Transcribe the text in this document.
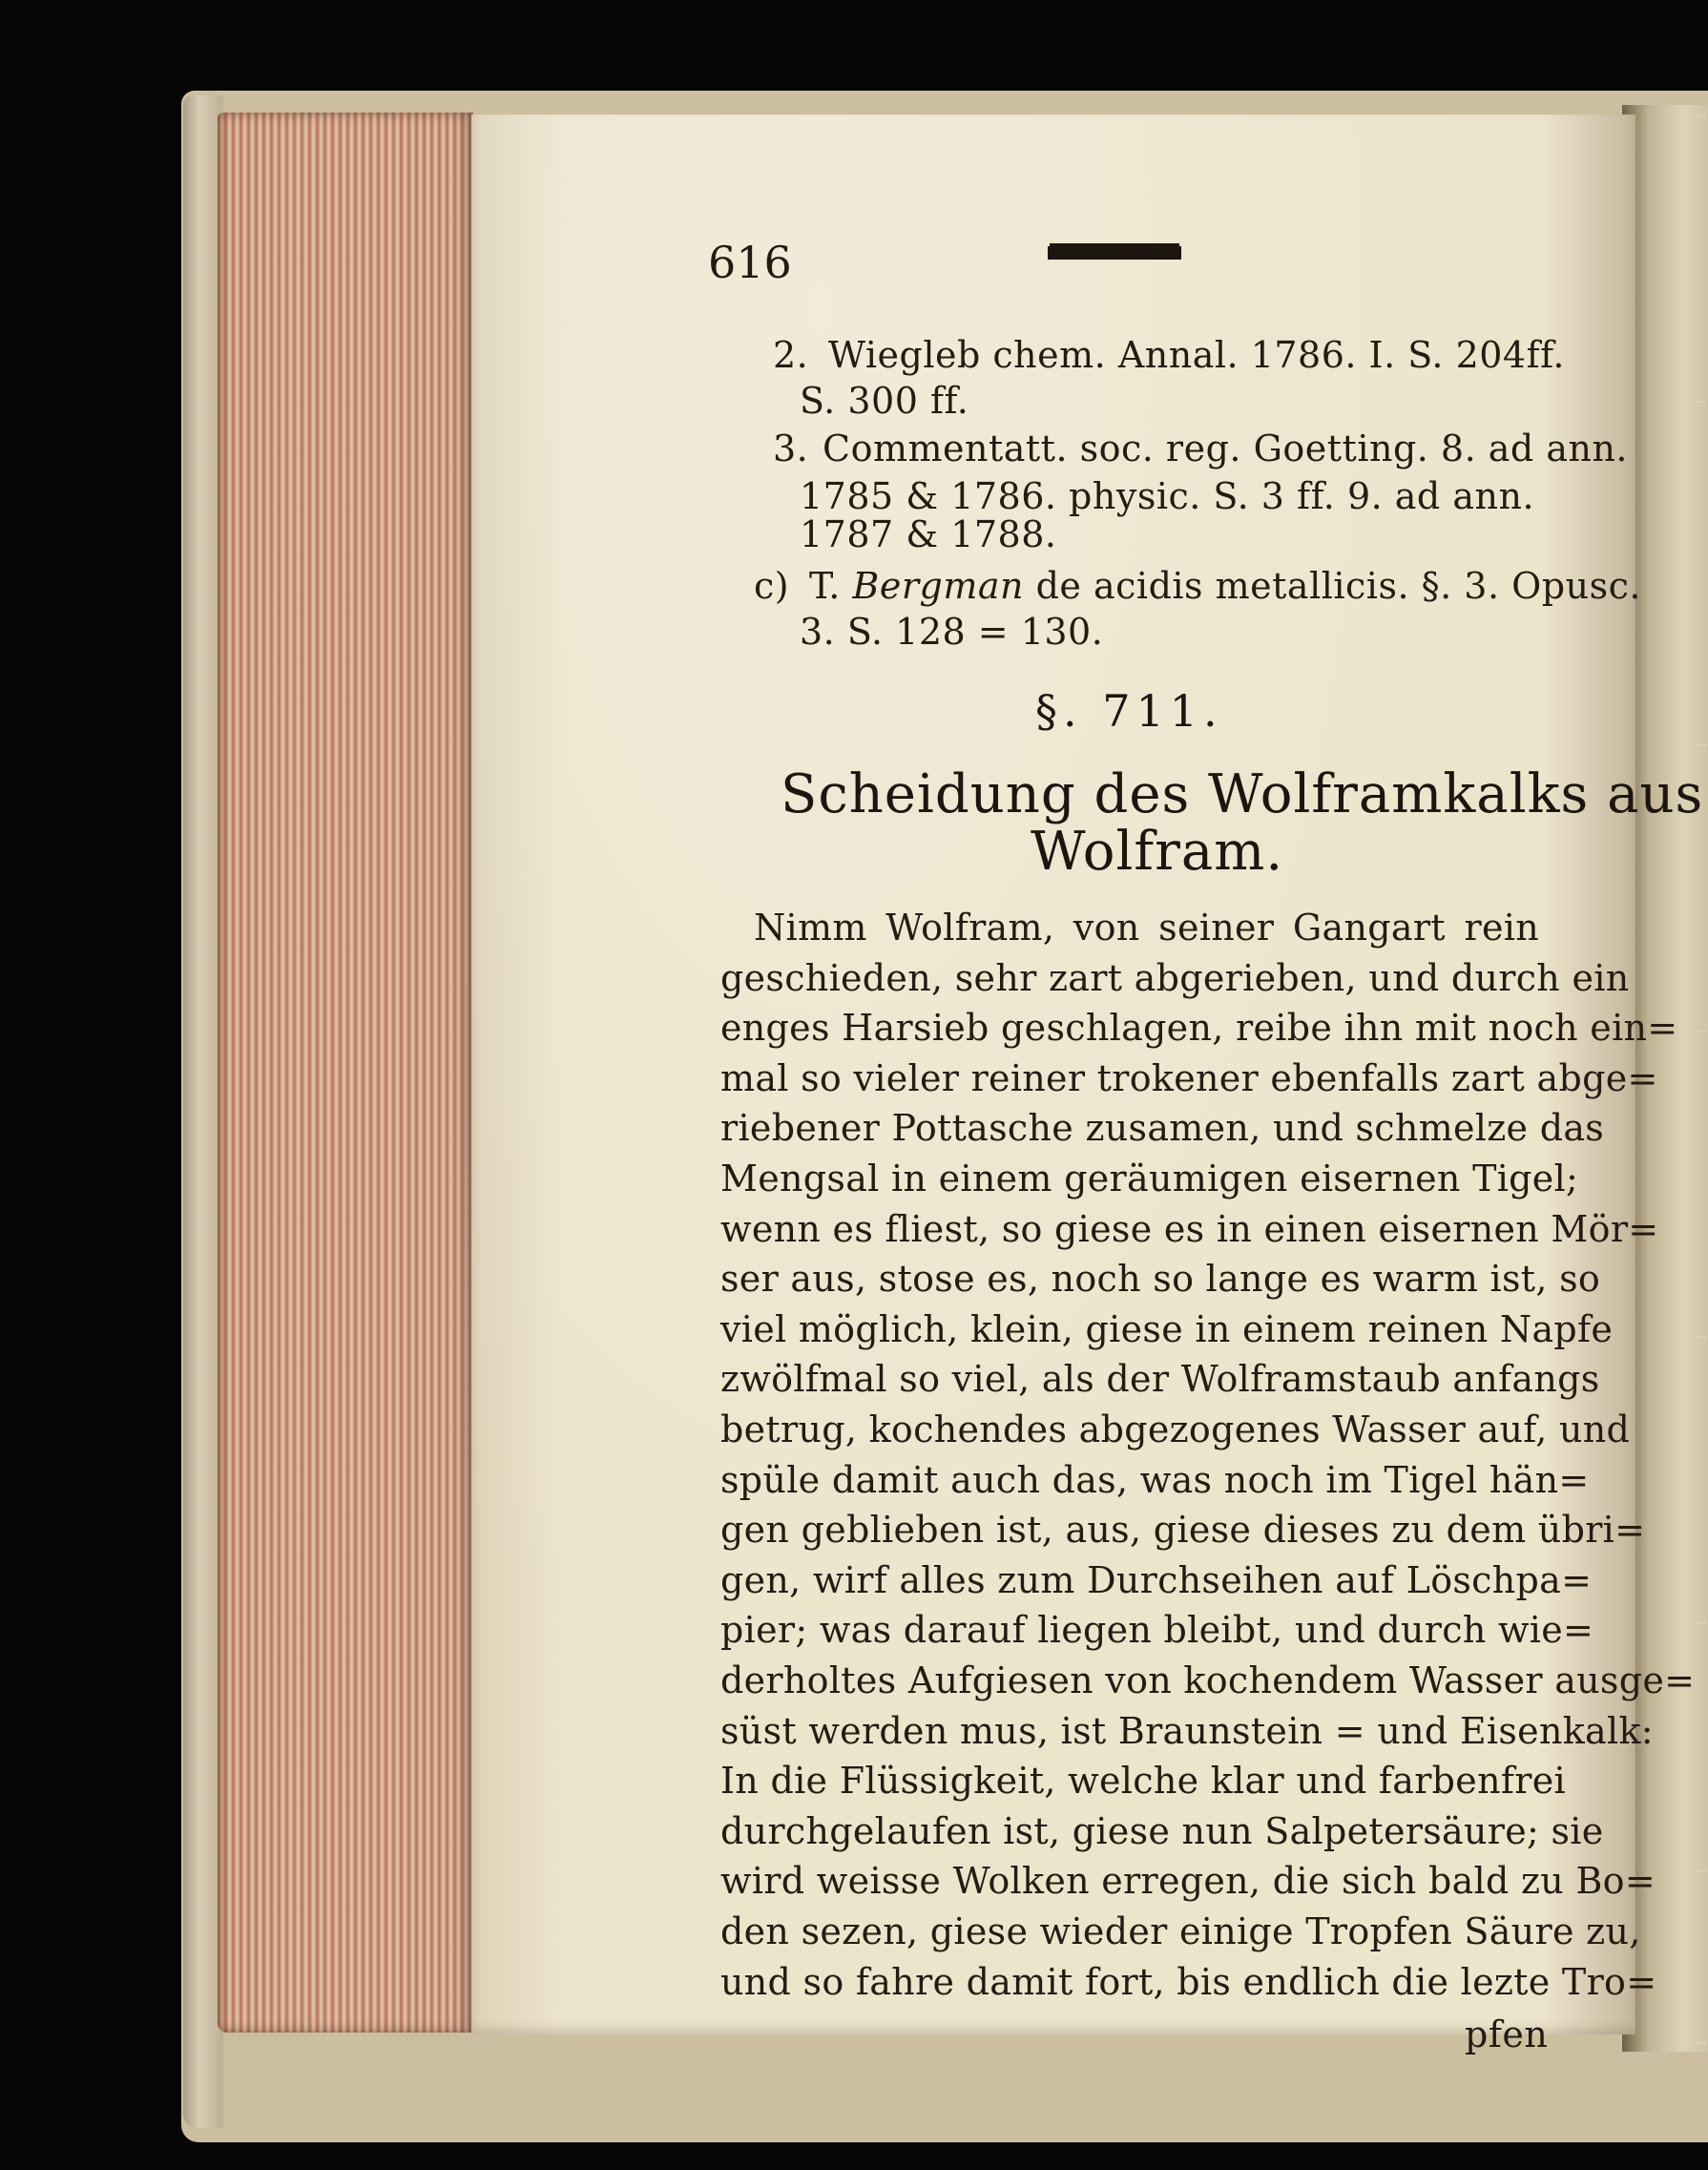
616
2. Wiegleb chem. Annal. 1786. I. S. 204ff.
S. 300 ff.
3. Commentatt. soc. reg. Goetting. 8. ad ann.
1785 & 1786. physic. S. 3 ff. 9. ad ann.
1787 & 1788.
c) T. Bergman de acidis metallicis. §. 3. Opusc.
3. S. 128 = 130.
§. 711.
Scheidung des Wolframkalks aus
Wolfram.
Nimm Wolfram, von seiner Gangart rein
geschieden, sehr zart abgerieben, und durch ein
enges Harsieb geschlagen, reibe ihn mit noch ein=
mal so vieler reiner trokener ebenfalls zart abge=
riebener Pottasche zusamen, und schmelze das
Mengsal in einem geräumigen eisernen Tigel;
wenn es fliest, so giese es in einen eisernen Mör=
ser aus, stose es, noch so lange es warm ist, so
viel möglich, klein, giese in einem reinen Napfe
zwölfmal so viel, als der Wolframstaub anfangs
betrug, kochendes abgezogenes Wasser auf, und
spüle damit auch das, was noch im Tigel hän=
gen geblieben ist, aus, giese dieses zu dem übri=
gen, wirf alles zum Durchseihen auf Löschpa=
pier; was darauf liegen bleibt, und durch wie=
derholtes Aufgiesen von kochendem Wasser ausge=
süst werden mus, ist Braunstein = und Eisenkalk:
In die Flüssigkeit, welche klar und farbenfrei
durchgelaufen ist, giese nun Salpetersäure; sie
wird weisse Wolken erregen, die sich bald zu Bo=
den sezen, giese wieder einige Tropfen Säure zu,
und so fahre damit fort, bis endlich die lezte Tro=
pfen
